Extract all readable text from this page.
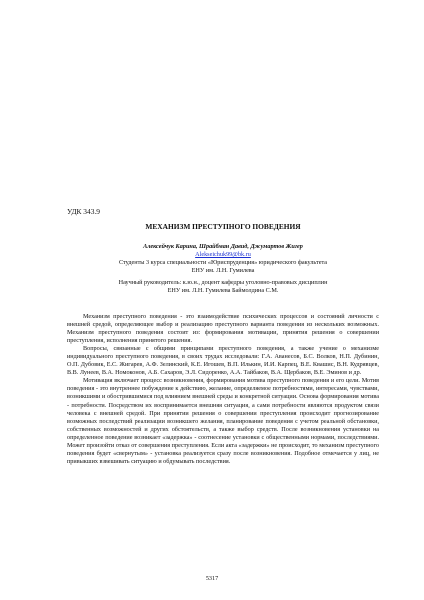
УДК 343.9
МЕХАНИЗМ ПРЕСТУПНОГО ПОВЕДЕНИЯ
Алексейчук Карина, Шрайбман Давид, Джумартов Жигер
Alekseichuk99@bk.ru
Студенты 3 курса специальности «Юриспруденция» юридического факультета
ЕНУ им. Л.Н. Гумилева
Научный руководитель: к.ю.н., доцент кафедры уголовно-правовых дисциплин
ЕНУ им. Л.Н. Гумилева Баймолдина С.М.

Механизм преступного поведения - это взаимодействие психических процессов и состояний личности с внешней средой, определяющее выбор и реализацию преступного варианта поведения из нескольких возможных. Механизм преступного поведения состоит из: формирования мотивации, принятия решения о совершении преступления, исполнения принятого решения.

Вопросы, связанные с общими принципами преступного поведения, а также учение о механизме индивидуального преступного поведения, в своих трудах исследовали: Г.А. Аванесов, Б.С. Волков, Н.П. Дубинин, О.П. Дубовик, Е.С. Жигарев, А.Ф. Зелинский, К.Е. Игошев, В.П. Илькин, И.И. Карпец, В.Е. Квашис, В.Н. Кудрявцев, В.В. Лунеев, В.А. Номоконов, А.Б. Сахаров, Э.Л. Сидоренко, А.А. Тайбаков, В.А. Щербаков, В.Е. Эминов и др.

Мотивация включает процесс возникновения, формирования мотива преступного поведения и его цели. Мотив поведения - это внутреннее побуждение к действию, желание, определяемое потребностями, интересами, чувствами, возникшими и обострившимися под влиянием внешней среды и конкретной ситуации. Основа формирования мотива - потребности. Посредством их воспринимается внешняя ситуация, а сами потребности являются продуктом связи человека с внешней средой. При принятии решения о совершении преступления происходит прогнозирование возможных последствий реализации возникшего желания, планирование поведения с учетом реальной обстановки, собственных возможностей и других обстоятельств, а также выбор средств. После возникновения установки на определенное поведение возникает «задержка» - соотнесение установки с общественными нормами, последствиями. Может произойти отказ от совершения преступления. Если акта «задержки» не происходит, то механизм преступного поведения будет «свернутым» - установка реализуется сразу после возникновения. Подобное отмечается у лиц, не привыкших взвешивать ситуацию и обдумывать последствия.

5317
